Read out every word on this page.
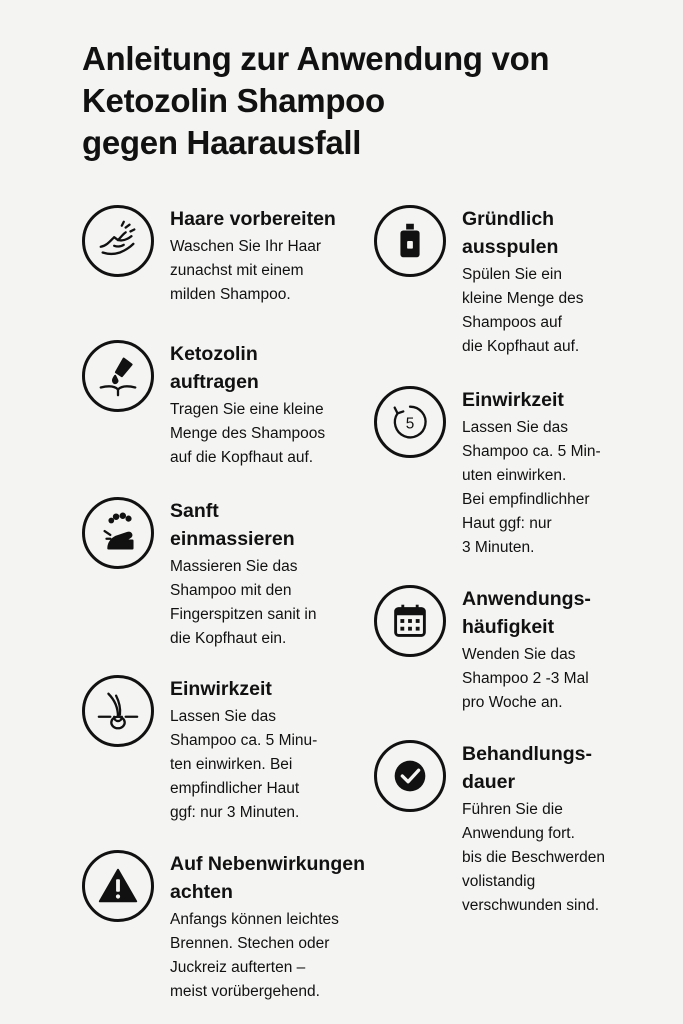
Anleitung zur Anwendung von
Ketozolin Shampoo
gegen Haarausfall
Haare vorbereiten
Waschen Sie Ihr Haar
zunachst mit einem
milden Shampoo.
Ketozolin
auftragen
Tragen Sie eine kleine
Menge des Shampoos
auf die Kopfhaut auf.
Sanft
einmassieren
Massieren Sie das
Shampoo mit den
Fingerspitzen sanit in
die Kopfhaut ein.
Einwirkzeit
Lassen Sie das
Shampoo ca. 5 Minu-
ten einwirken. Bei
empfindlicher Haut
ggf: nur 3 Minuten.
Auf Nebenwirkungen
achten
Anfangs können leichtes
Brennen. Stechen oder
Juckreiz aufterten –
meist vorübergehend.
Gründlich
ausspulen
Spülen Sie ein
kleine Menge des
Shampoos auf
die Kopfhaut auf.
5
Einwirkzeit
Lassen Sie das
Shampoo ca. 5 Min-
uten einwirken.
Bei empfindlichher
Haut ggf: nur
3 Minuten.
Anwendungs-
häufigkeit
Wenden Sie das
Shampoo 2 -3 Mal
pro Woche an.
Behandlungs-
dauer
Führen Sie die
Anwendung fort.
bis die Beschwerden
volistandig
verschwunden sind.
